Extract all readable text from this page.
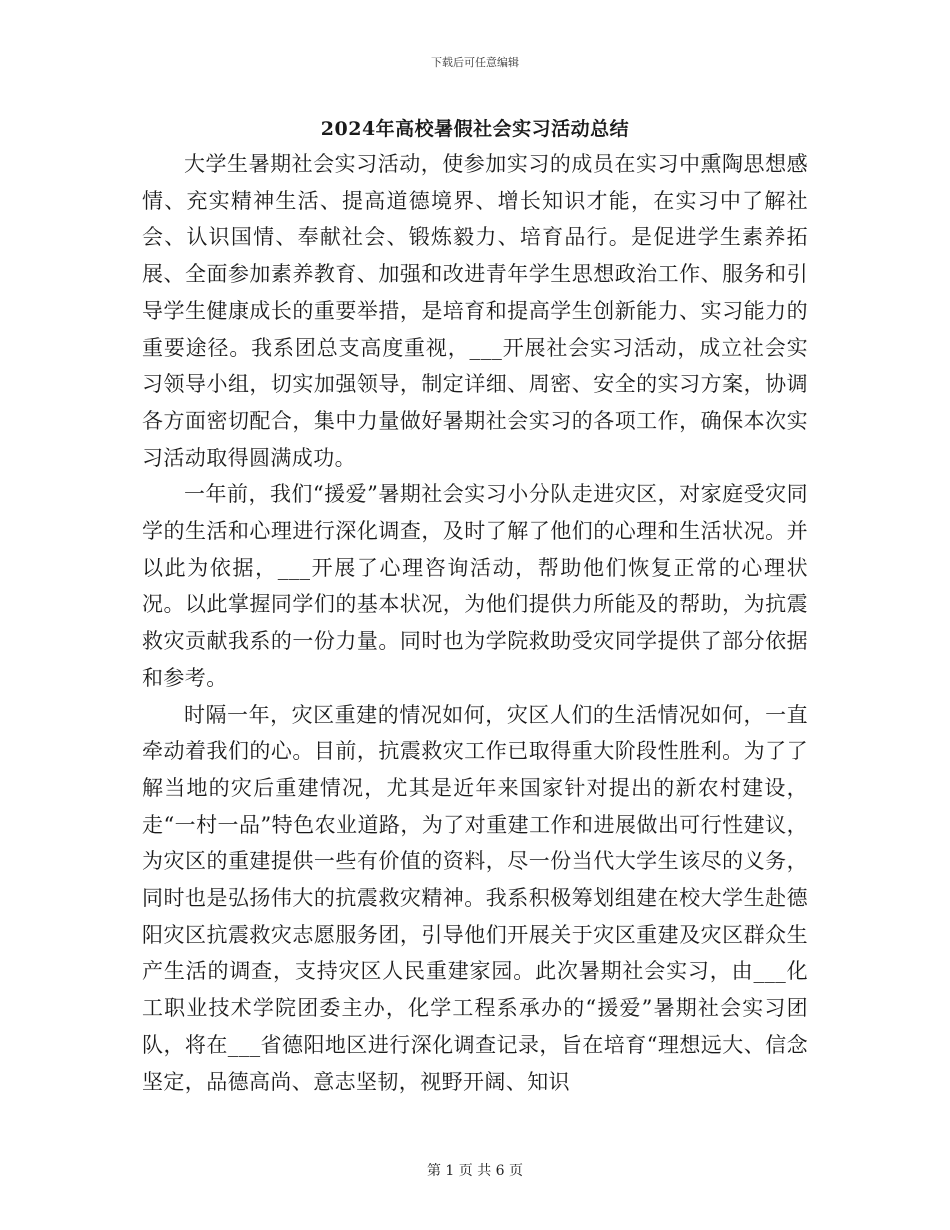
下载后可任意编辑
2024年高校暑假社会实习活动总结

大学生暑期社会实习活动，使参加实习的成员在实习中熏陶思想感情、充实精神生活、提高道德境界、增长知识才能，在实习中了解社会、认识国情、奉献社会、锻炼毅力、培育品行。是促进学生素养拓展、全面参加素养教育、加强和改进青年学生思想政治工作、服务和引导学生健康成长的重要举措，是培育和提高学生创新能力、实习能力的重要途径。我系团总支高度重视，___开展社会实习活动，成立社会实习领导小组，切实加强领导，制定详细、周密、安全的实习方案，协调各方面密切配合，集中力量做好暑期社会实习的各项工作，确保本次实习活动取得圆满成功。

一年前，我们“援爱”暑期社会实习小分队走进灾区，对家庭受灾同学的生活和心理进行深化调查，及时了解了他们的心理和生活状况。并以此为依据，___开展了心理咨询活动，帮助他们恢复正常的心理状况。以此掌握同学们的基本状况，为他们提供力所能及的帮助，为抗震救灾贡献我系的一份力量。同时也为学院救助受灾同学提供了部分依据和参考。

时隔一年，灾区重建的情况如何，灾区人们的生活情况如何，一直牵动着我们的心。目前，抗震救灾工作已取得重大阶段性胜利。为了了解当地的灾后重建情况，尤其是近年来国家针对提出的新农村建设，走“一村一品”特色农业道路，为了对重建工作和进展做出可行性建议，为灾区的重建提供一些有价值的资料，尽一份当代大学生该尽的义务，同时也是弘扬伟大的抗震救灾精神。我系积极筹划组建在校大学生赴德阳灾区抗震救灾志愿服务团，引导他们开展关于灾区重建及灾区群众生产生活的调查，支持灾区人民重建家园。此次暑期社会实习，由___化工职业技术学院团委主办，化学工程系承办的“援爱”暑期社会实习团队，将在___省德阳地区进行深化调查记录，旨在培育“理想远大、信念坚定，品德高尚、意志坚韧，视野开阔、知识

第 1 页 共 6 页
